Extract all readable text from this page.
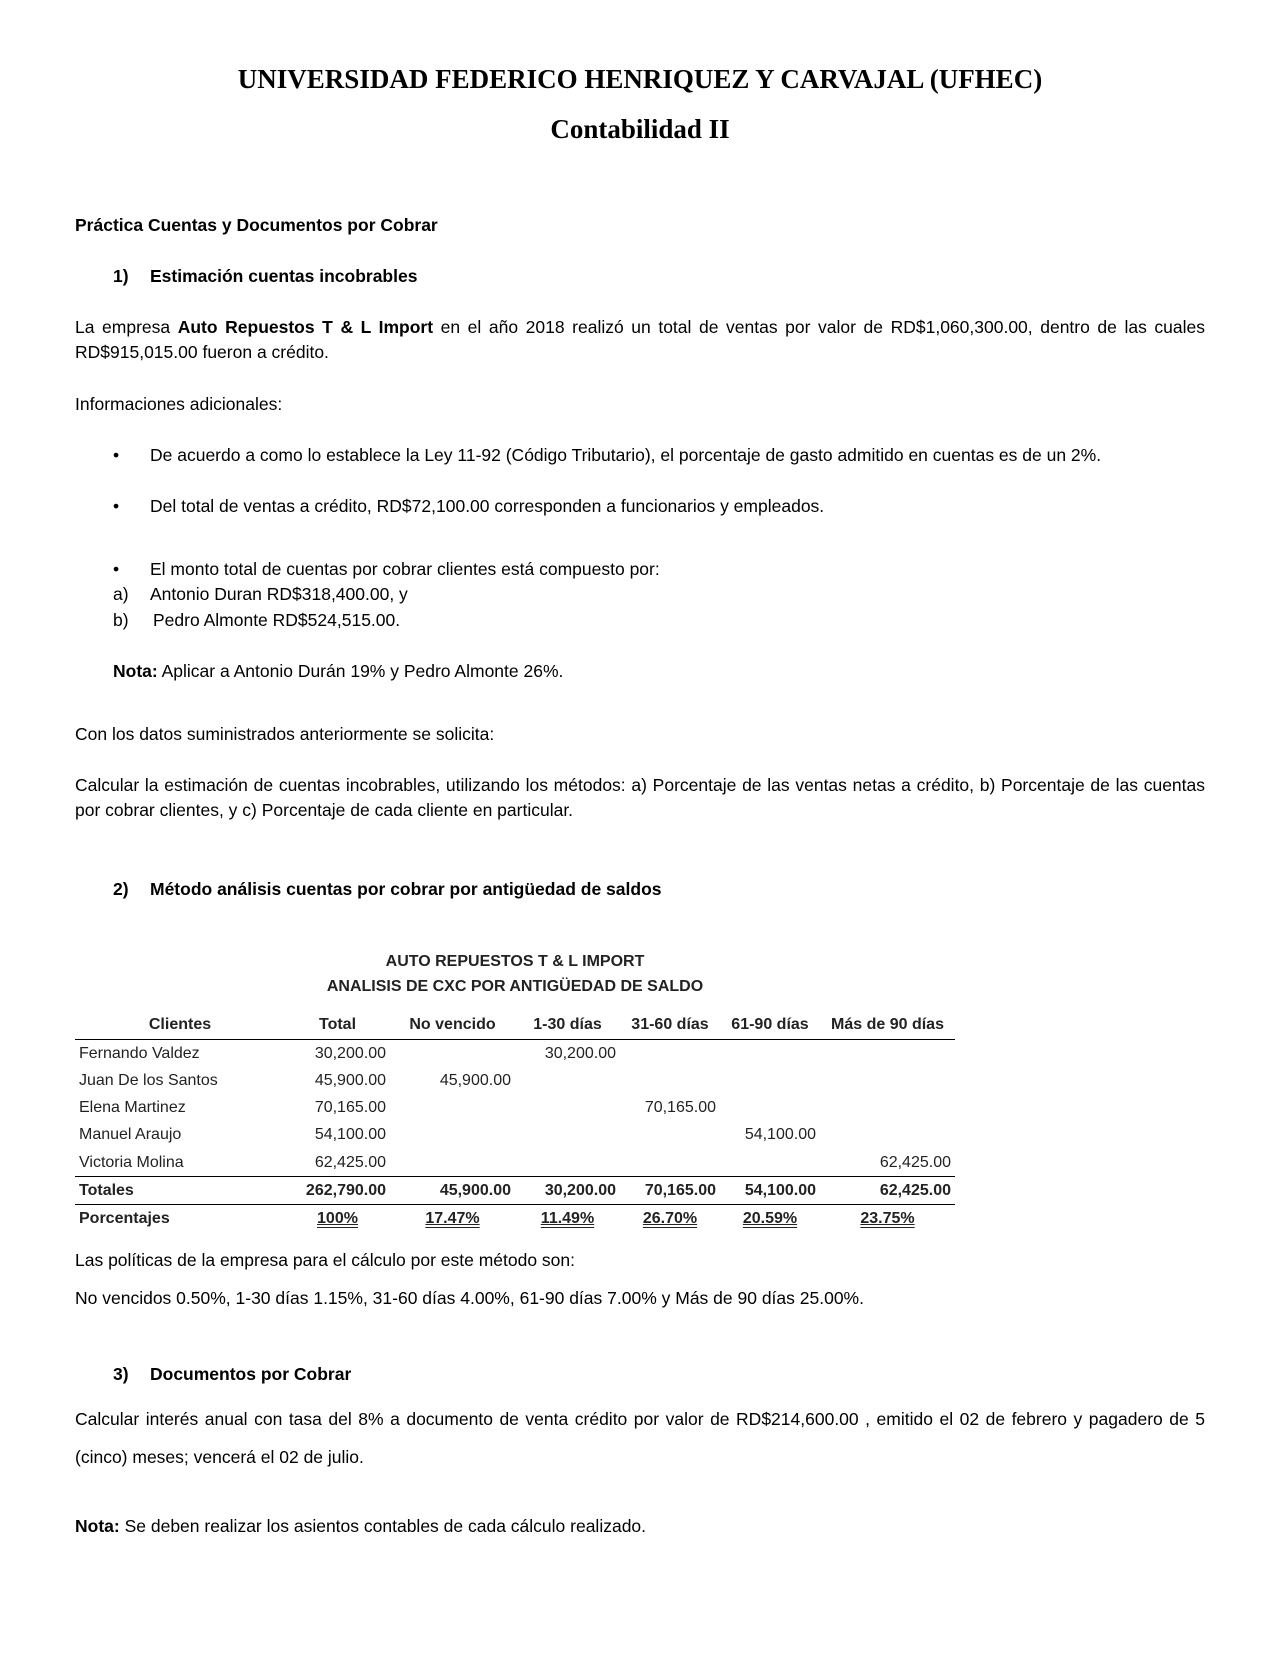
UNIVERSIDAD FEDERICO HENRIQUEZ Y CARVAJAL (UFHEC)
Contabilidad II
Práctica Cuentas y Documentos por Cobrar
1) Estimación cuentas incobrables
La empresa Auto Repuestos T & L Import en el año 2018 realizó un total de ventas por valor de RD$1,060,300.00, dentro de las cuales RD$915,015.00 fueron a crédito.
Informaciones adicionales:
• De acuerdo a como lo establece la Ley 11-92 (Código Tributario), el porcentaje de gasto admitido en cuentas es de un 2%.
• Del total de ventas a crédito, RD$72,100.00 corresponden a funcionarios y empleados.
• El monto total de cuentas por cobrar clientes está compuesto por:
a) Antonio Duran RD$318,400.00, y
b) Pedro Almonte RD$524,515.00.
Nota: Aplicar a Antonio Durán 19% y Pedro Almonte 26%.
Con los datos suministrados anteriormente se solicita:
Calcular la estimación de cuentas incobrables, utilizando los métodos: a) Porcentaje de las ventas netas a crédito, b) Porcentaje de las cuentas por cobrar clientes, y c) Porcentaje de cada cliente en particular.
2) Método análisis cuentas por cobrar por antigüedad de saldos
AUTO REPUESTOS T & L IMPORT
ANALISIS DE CXC POR ANTIGÜEDAD DE SALDO
Clientes	Total	No vencido	1-30 días	31-60 días	61-90 días	Más de 90 días
Fernando Valdez	30,200.00		30,200.00			
Juan De los Santos	45,900.00	45,900.00				
Elena Martinez	70,165.00			70,165.00		
Manuel Araujo	54,100.00				54,100.00	
Victoria Molina	62,425.00					62,425.00
Totales	262,790.00	45,900.00	30,200.00	70,165.00	54,100.00	62,425.00
Porcentajes	100%	17.47%	11.49%	26.70%	20.59%	23.75%
Las políticas de la empresa para el cálculo por este método son:
No vencidos 0.50%, 1-30 días 1.15%, 31-60 días 4.00%, 61-90 días 7.00% y Más de 90 días 25.00%.
3) Documentos por Cobrar
Calcular interés anual con tasa del 8% a documento de venta crédito por valor de RD$214,600.00 , emitido el 02 de febrero y pagadero de 5 (cinco) meses; vencerá el 02 de julio.
Nota: Se deben realizar los asientos contables de cada cálculo realizado.
